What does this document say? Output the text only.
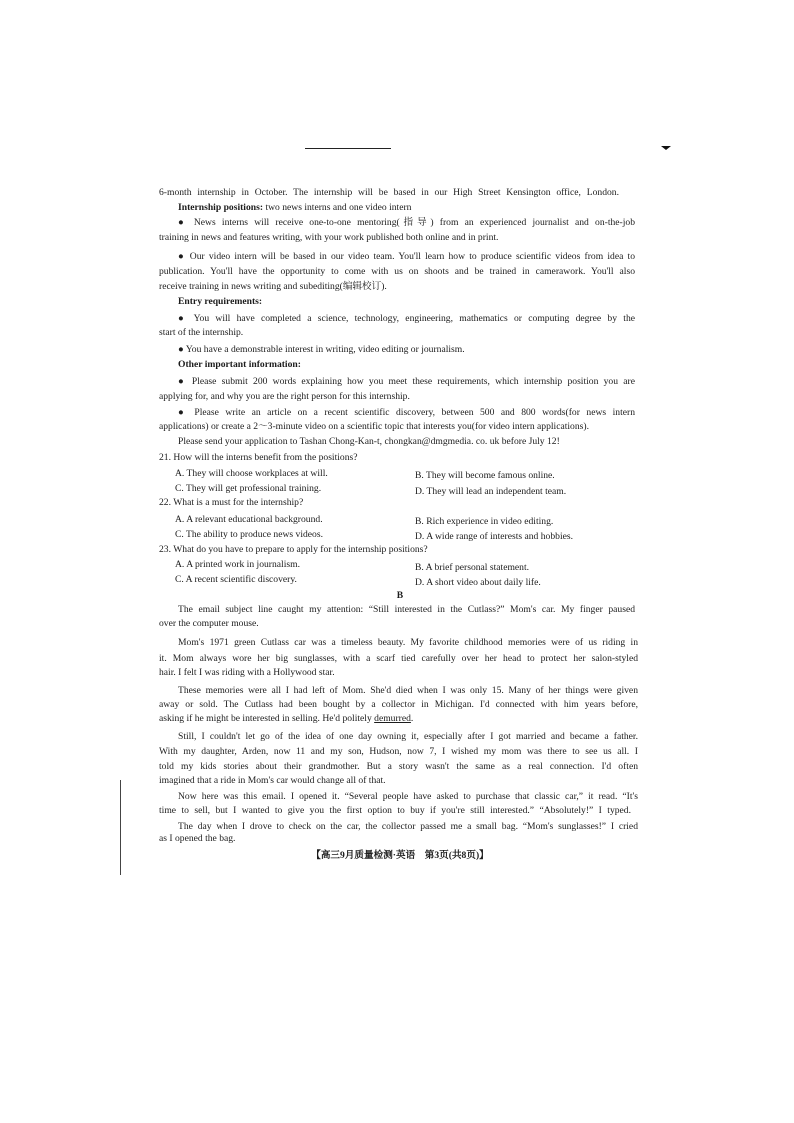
6-month internship in October. The internship will be based in our High Street Kensington office, London.
Internship positions: two news interns and one video intern
● News interns will receive one-to-one mentoring(指导) from an experienced journalist and on-the-job
training in news and features writing, with your work published both online and in print.
● Our video intern will be based in our video team. You'll learn how to produce scientific videos from idea to
publication. You'll have the opportunity to come with us on shoots and be trained in camerawork. You'll also
receive training in news writing and subediting(编辑校订).
Entry requirements:
● You will have completed a science, technology, engineering, mathematics or computing degree by the
start of the internship.
● You have a demonstrable interest in writing, video editing or journalism.
Other important information:
● Please submit 200 words explaining how you meet these requirements, which internship position you are
applying for, and why you are the right person for this internship.
● Please write an article on a recent scientific discovery, between 500 and 800 words(for news intern
applications) or create a 2～3-minute video on a scientific topic that interests you(for video intern applications).
Please send your application to Tashan Chong-Kan-t, chongkan@dmgmedia. co. uk before July 12!
21. How will the interns benefit from the positions?
A. They will choose workplaces at will.	B. They will become famous online.
C. They will get professional training.	D. They will lead an independent team.
22. What is a must for the internship?
A. A relevant educational background.	B. Rich experience in video editing.
C. The ability to produce news videos.	D. A wide range of interests and hobbies.
23. What do you have to prepare to apply for the internship positions?
A. A printed work in journalism.	B. A brief personal statement.
C. A recent scientific discovery.	D. A short video about daily life.
B
The email subject line caught my attention: “Still interested in the Cutlass?” Mom's car. My finger paused
over the computer mouse.
Mom's 1971 green Cutlass car was a timeless beauty. My favorite childhood memories were of us riding in
it. Mom always wore her big sunglasses, with a scarf tied carefully over her head to protect her salon-styled
hair. I felt I was riding with a Hollywood star.
These memories were all I had left of Mom. She'd died when I was only 15. Many of her things were given
away or sold. The Cutlass had been bought by a collector in Michigan. I'd connected with him years before,
asking if he might be interested in selling. He'd politely demurred.
Still, I couldn't let go of the idea of one day owning it, especially after I got married and became a father.
With my daughter, Arden, now 11 and my son, Hudson, now 7, I wished my mom was there to see us all. I
told my kids stories about their grandmother. But a story wasn't the same as a real connection. I'd often
imagined that a ride in Mom's car would change all of that.
Now here was this email. I opened it. “Several people have asked to purchase that classic car,” it read. “It's
time to sell, but I wanted to give you the first option to buy if you're still interested.” “Absolutely!” I typed.
The day when I drove to check on the car, the collector passed me a small bag. “Mom's sunglasses!” I cried
as I opened the bag.
【高三9月质量检测·英语　第3页(共8页)】
